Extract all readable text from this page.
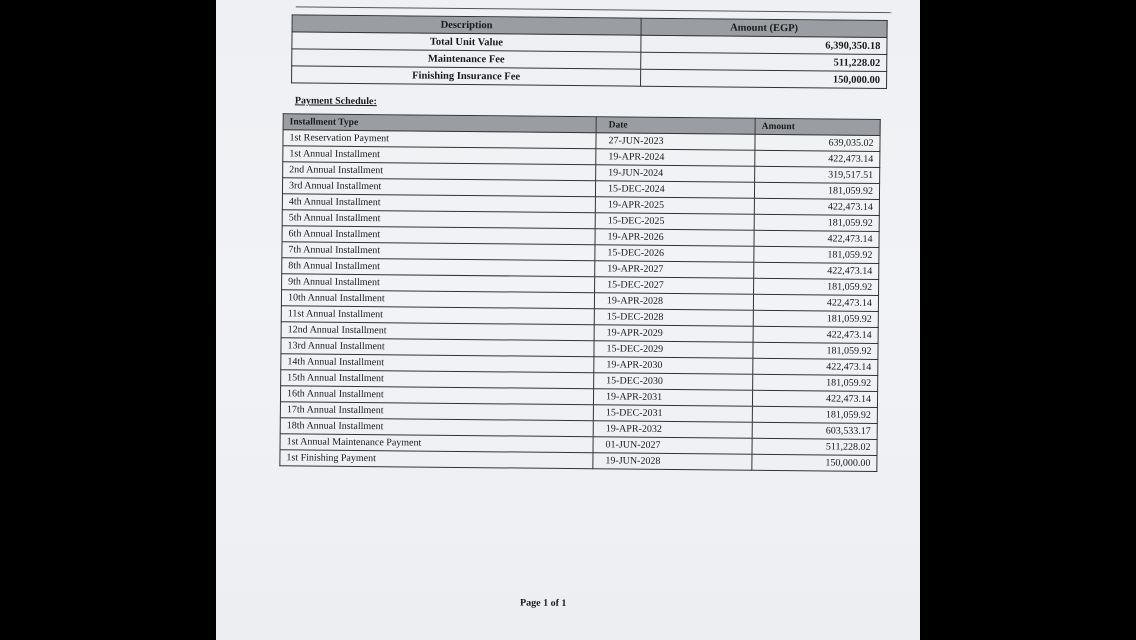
Description	Amount (EGP)
Total Unit Value	6,390,350.18
Maintenance Fee	511,228.02
Finishing Insurance Fee	150,000.00
Payment Schedule:
Installment Type	Date	Amount
1st Reservation Payment	27-JUN-2023	639,035.02
1st Annual Installment	19-APR-2024	422,473.14
2nd Annual Installment	19-JUN-2024	319,517.51
3rd Annual Installment	15-DEC-2024	181,059.92
4th Annual Installment	19-APR-2025	422,473.14
5th Annual Installment	15-DEC-2025	181,059.92
6th Annual Installment	19-APR-2026	422,473.14
7th Annual Installment	15-DEC-2026	181,059.92
8th Annual Installment	19-APR-2027	422,473.14
9th Annual Installment	15-DEC-2027	181,059.92
10th Annual Installment	19-APR-2028	422,473.14
11st Annual Installment	15-DEC-2028	181,059.92
12nd Annual Installment	19-APR-2029	422,473.14
13rd Annual Installment	15-DEC-2029	181,059.92
14th Annual Installment	19-APR-2030	422,473.14
15th Annual Installment	15-DEC-2030	181,059.92
16th Annual Installment	19-APR-2031	422,473.14
17th Annual Installment	15-DEC-2031	181,059.92
18th Annual Installment	19-APR-2032	603,533.17
1st Annual Maintenance Payment	01-JUN-2027	511,228.02
1st Finishing Payment	19-JUN-2028	150,000.00
Page 1 of 1
